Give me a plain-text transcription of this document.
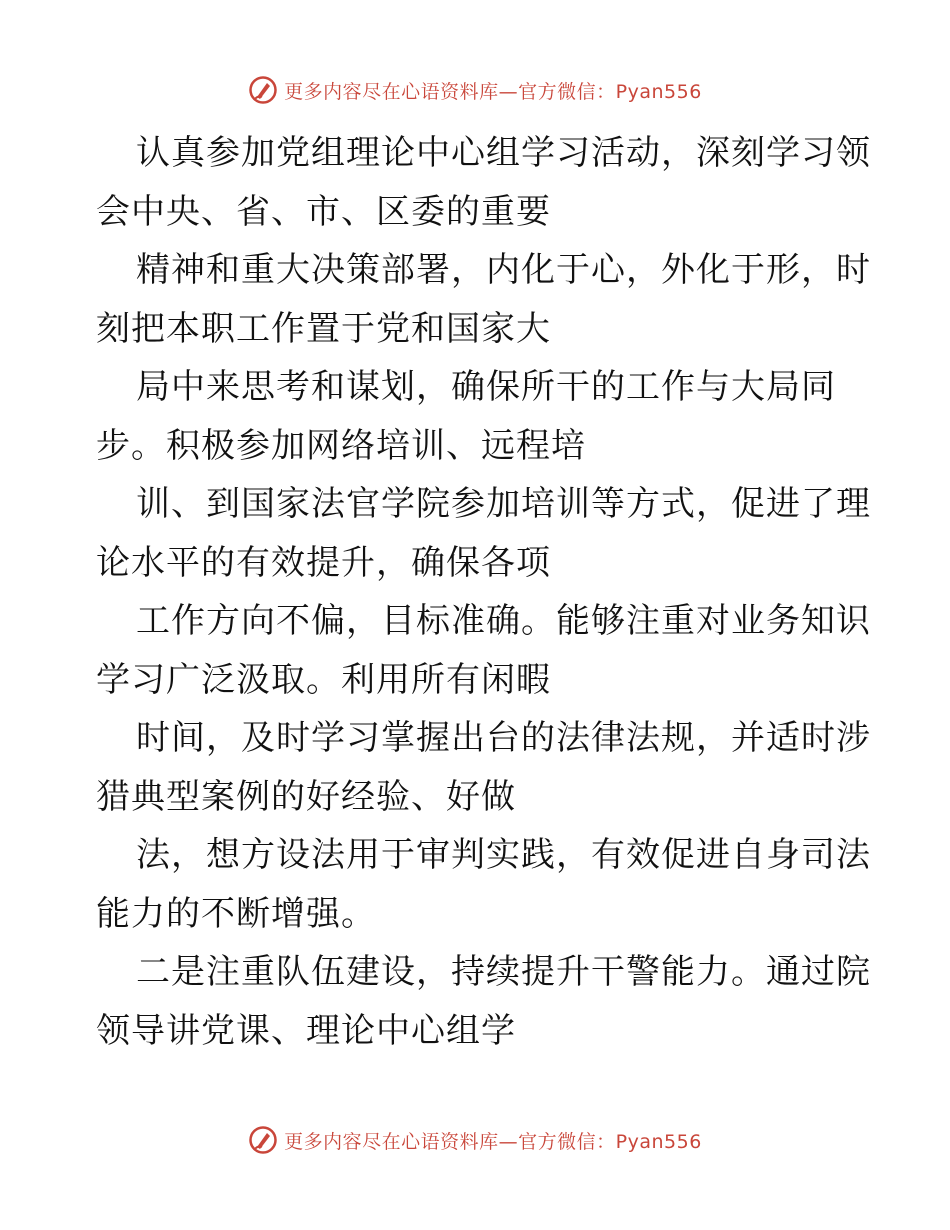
更多内容尽在心语资料库—官方微信：Pyan556
认真参加党组理论中心组学习活动，深刻学习领
会中央、省、市、区委的重要
精神和重大决策部署，内化于心，外化于形，时
刻把本职工作置于党和国家大
局中来思考和谋划，确保所干的工作与大局同
步。积极参加网络培训、远程培
训、到国家法官学院参加培训等方式，促进了理
论水平的有效提升，确保各项
工作方向不偏，目标准确。能够注重对业务知识
学习广泛汲取。利用所有闲暇
时间，及时学习掌握出台的法律法规，并适时涉
猎典型案例的好经验、好做
法，想方设法用于审判实践，有效促进自身司法
能力的不断增强。
二是注重队伍建设，持续提升干警能力。通过院
领导讲党课、理论中心组学
更多内容尽在心语资料库—官方微信：Pyan556
